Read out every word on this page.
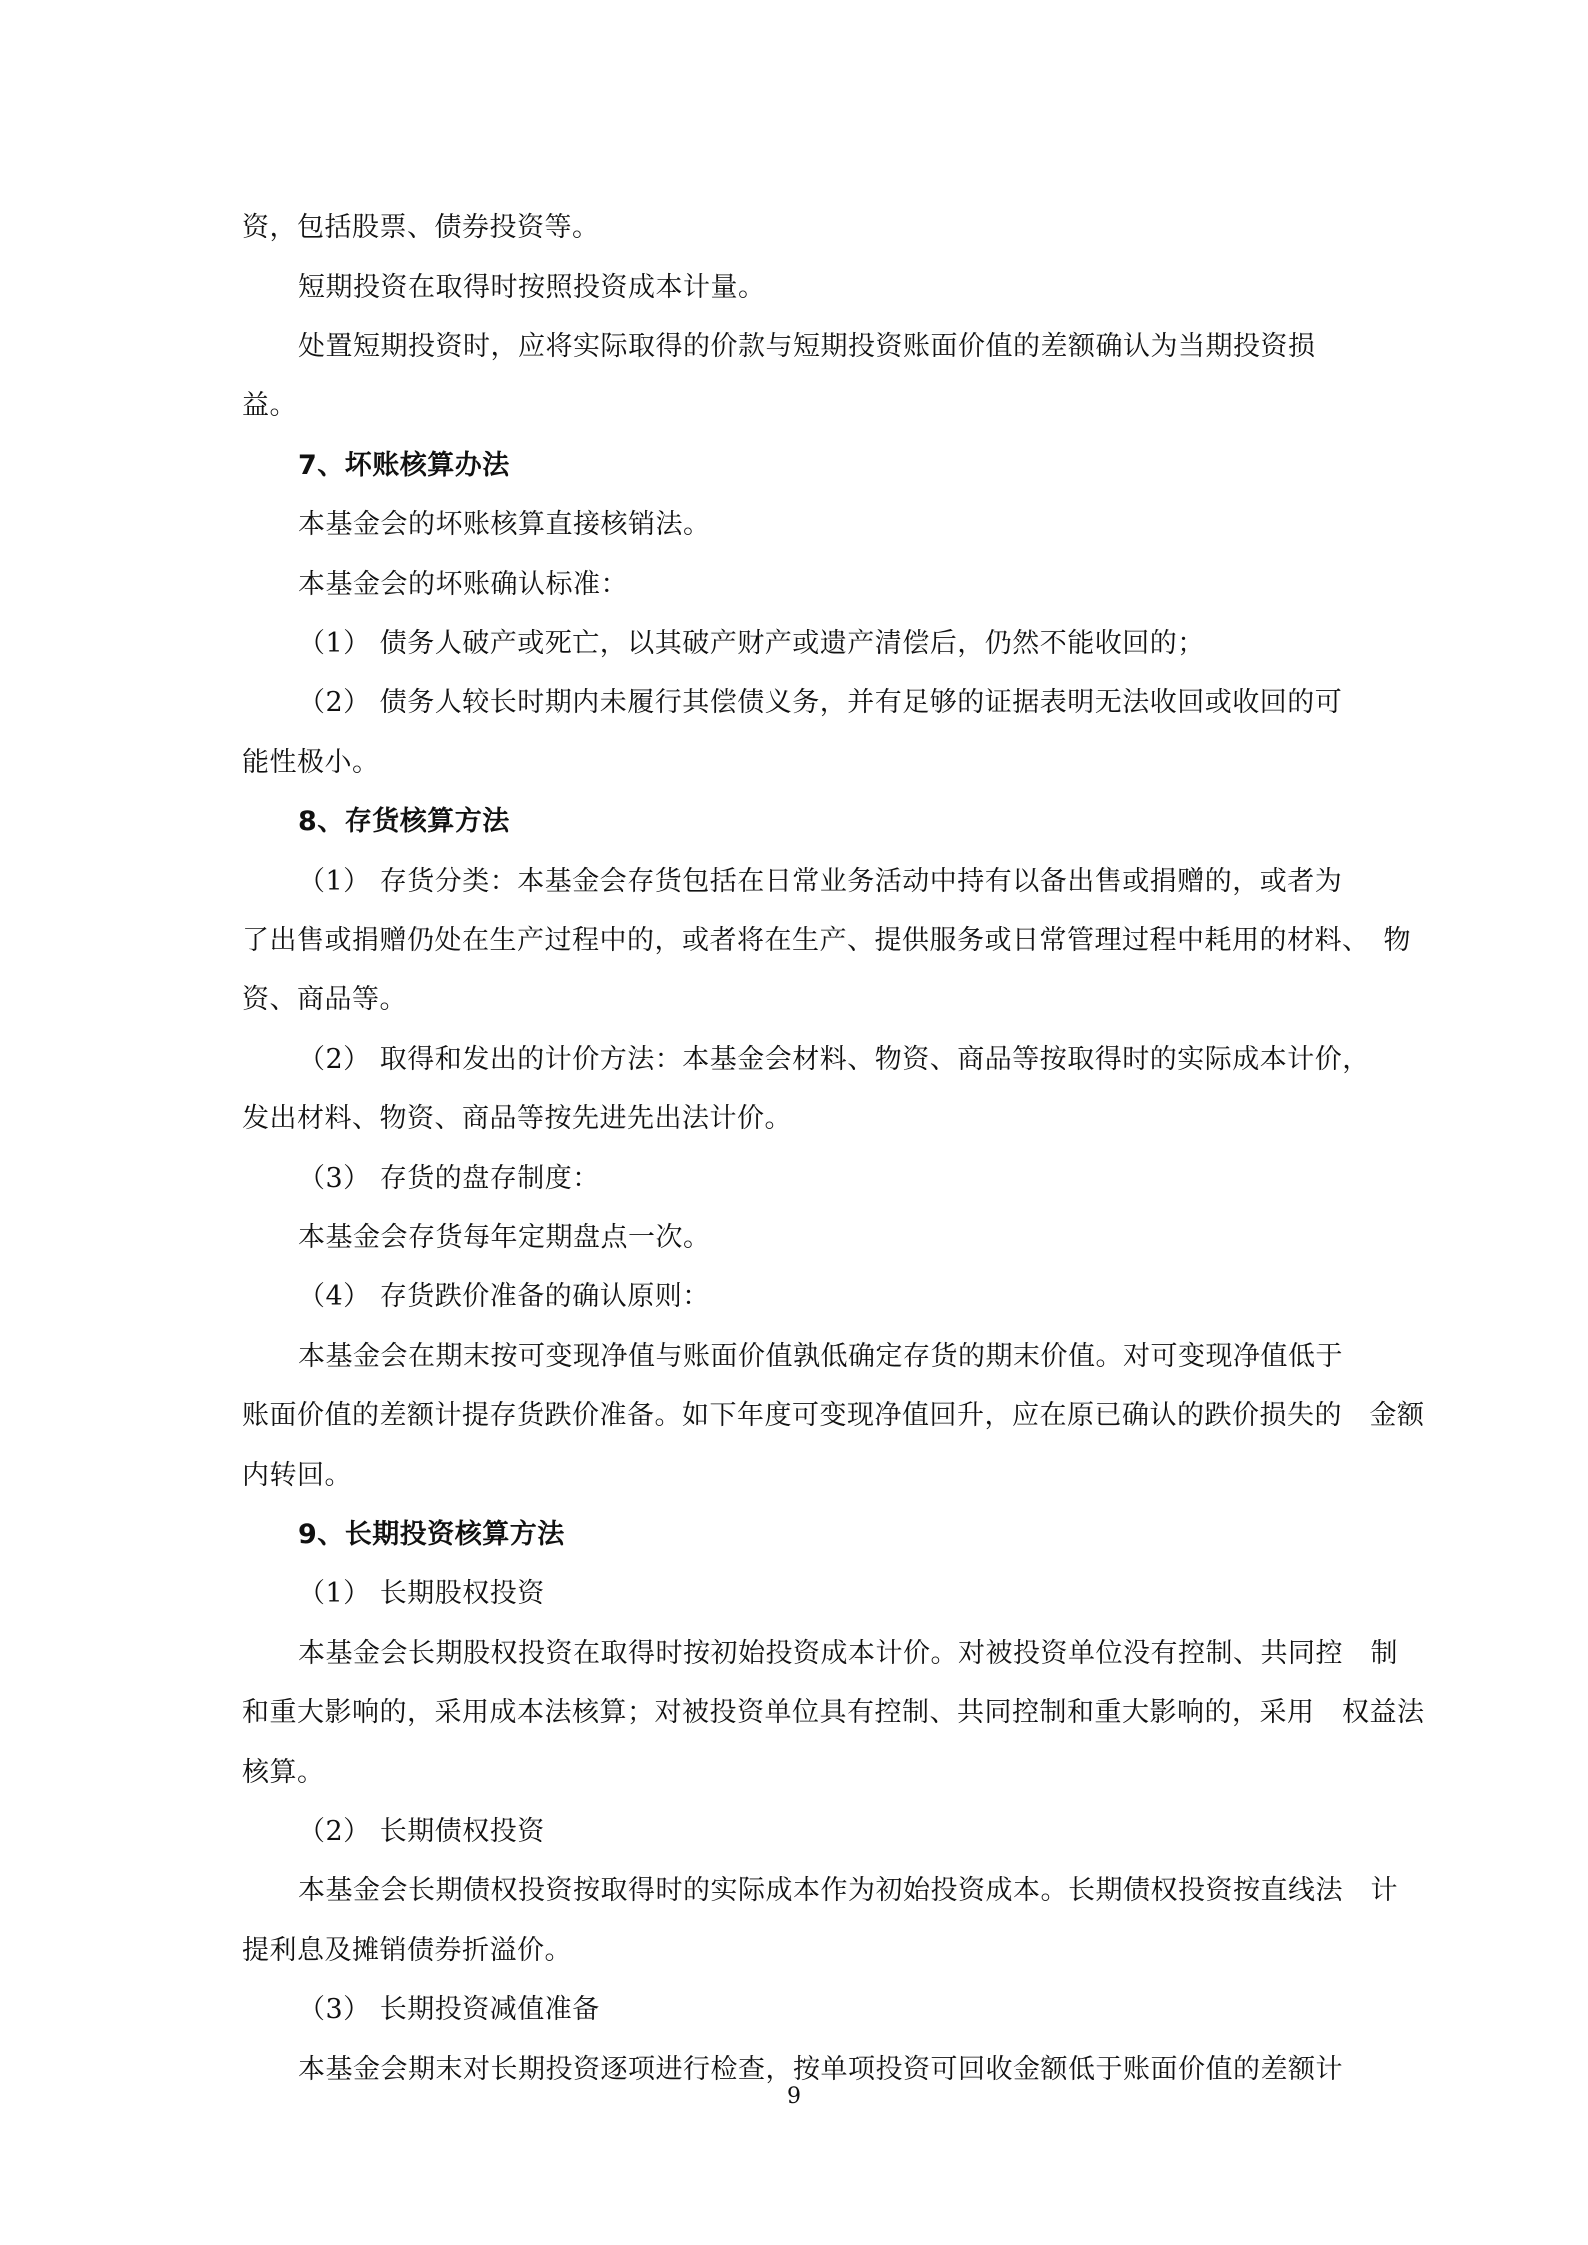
资，包括股票、债券投资等。
短期投资在取得时按照投资成本计量。
处置短期投资时，应将实际取得的价款与短期投资账面价值的差额确认为当期投资损
益。
7、坏账核算办法
本基金会的坏账核算直接核销法。
本基金会的坏账确认标准：
（1） 债务人破产或死亡，以其破产财产或遗产清偿后，仍然不能收回的；
（2） 债务人较长时期内未履行其偿债义务，并有足够的证据表明无法收回或收回的可
能性极小。
8、存货核算方法
（1） 存货分类：本基金会存货包括在日常业务活动中持有以备出售或捐赠的，或者为
了出售或捐赠仍处在生产过程中的，或者将在生产、提供服务或日常管理过程中耗用的材料、　物
资、商品等。
（2） 取得和发出的计价方法：本基金会材料、物资、商品等按取得时的实际成本计价，
发出材料、物资、商品等按先进先出法计价。
（3） 存货的盘存制度：
本基金会存货每年定期盘点一次。
（4） 存货跌价准备的确认原则：
本基金会在期末按可变现净值与账面价值孰低确定存货的期末价值。对可变现净值低于
账面价值的差额计提存货跌价准备。如下年度可变现净值回升，应在原已确认的跌价损失的　金额
内转回。
9、长期投资核算方法
（1） 长期股权投资
本基金会长期股权投资在取得时按初始投资成本计价。对被投资单位没有控制、共同控　制
和重大影响的，采用成本法核算；对被投资单位具有控制、共同控制和重大影响的，采用　权益法
核算。
（2） 长期债权投资
本基金会长期债权投资按取得时的实际成本作为初始投资成本。长期债权投资按直线法　计
提利息及摊销债券折溢价。
（3） 长期投资减值准备
本基金会期末对长期投资逐项进行检查，按单项投资可回收金额低于账面价值的差额计
9
